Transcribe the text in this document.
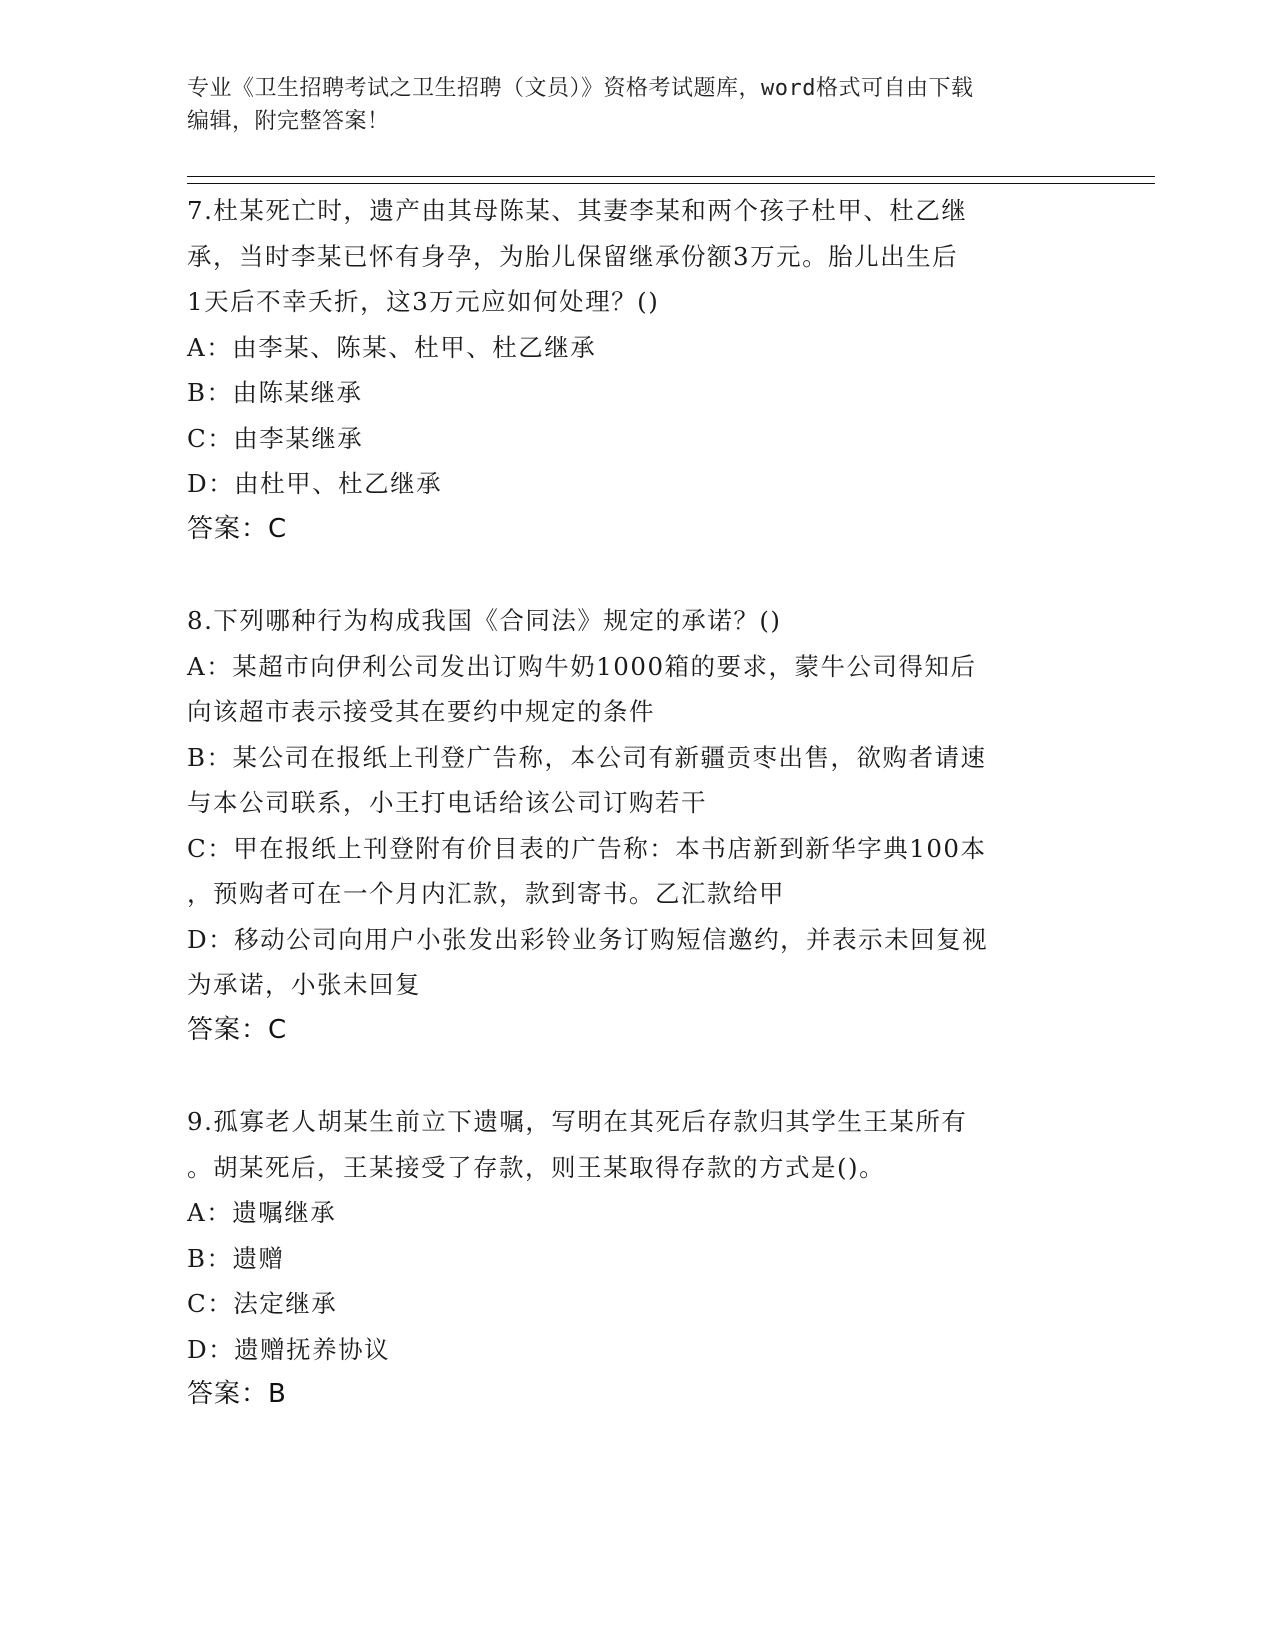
专业《卫生招聘考试之卫生招聘（文员）》资格考试题库，word格式可自由下载
编辑，附完整答案！
7.杜某死亡时，遗产由其母陈某、其妻李某和两个孩子杜甲、杜乙继
承，当时李某已怀有身孕，为胎儿保留继承份额3万元。胎儿出生后
1天后不幸夭折，这3万元应如何处理？()
A：由李某、陈某、杜甲、杜乙继承
B：由陈某继承
C：由李某继承
D：由杜甲、杜乙继承
答案：C
8.下列哪种行为构成我国《合同法》规定的承诺？()
A：某超市向伊利公司发出订购牛奶1000箱的要求，蒙牛公司得知后
向该超市表示接受其在要约中规定的条件
B：某公司在报纸上刊登广告称，本公司有新疆贡枣出售，欲购者请速
与本公司联系，小王打电话给该公司订购若干
C：甲在报纸上刊登附有价目表的广告称：本书店新到新华字典100本
，预购者可在一个月内汇款，款到寄书。乙汇款给甲
D：移动公司向用户小张发出彩铃业务订购短信邀约，并表示未回复视
为承诺，小张未回复
答案：C
9.孤寡老人胡某生前立下遗嘱，写明在其死后存款归其学生王某所有
。胡某死后，王某接受了存款，则王某取得存款的方式是()。
A：遗嘱继承
B：遗赠
C：法定继承
D：遗赠抚养协议
答案：B
